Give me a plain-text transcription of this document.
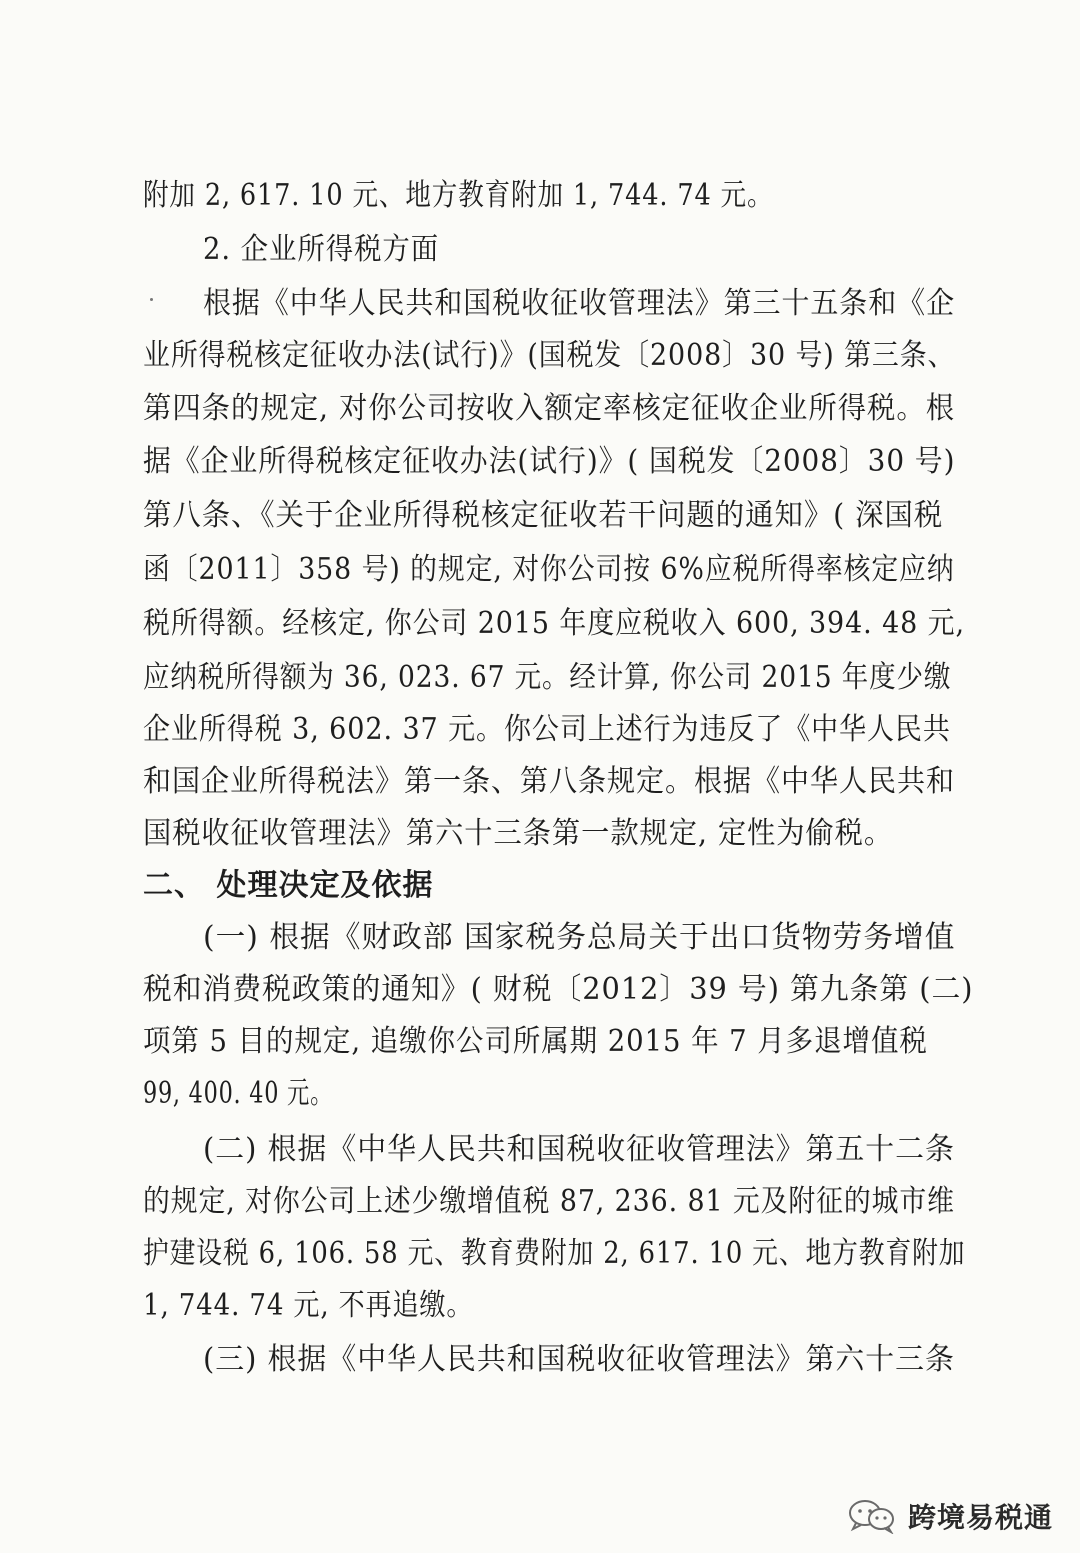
附加 2, 617. 10 元、地方教育附加 1, 744. 74 元。
2. 企业所得税方面
根据《中华人民共和国税收征收管理法》第三十五条和《企
业所得税核定征收办法(试行)》(国税发〔2008〕30 号) 第三条、
第四条的规定, 对你公司按收入额定率核定征收企业所得税。根
据《企业所得税核定征收办法(试行)》( 国税发〔2008〕30 号)
第八条、《关于企业所得税核定征收若干问题的通知》( 深国税
函〔2011〕358 号) 的规定, 对你公司按 6%应税所得率核定应纳
税所得额。经核定, 你公司 2015 年度应税收入 600, 394. 48 元,
应纳税所得额为 36, 023. 67 元。经计算, 你公司 2015 年度少缴
企业所得税 3, 602. 37 元。你公司上述行为违反了《中华人民共
和国企业所得税法》第一条、第八条规定。根据《中华人民共和
国税收征收管理法》第六十三条第一款规定, 定性为偷税。
二、 处理决定及依据
(一) 根据《财政部 国家税务总局关于出口货物劳务增值
税和消费税政策的通知》( 财税〔2012〕39 号) 第九条第 (二)
项第 5 目的规定, 追缴你公司所属期 2015 年 7 月多退增值税
99, 400. 40 元。
(二) 根据《中华人民共和国税收征收管理法》第五十二条
的规定, 对你公司上述少缴增值税 87, 236. 81 元及附征的城市维
护建设税 6, 106. 58 元、教育费附加 2, 617. 10 元、地方教育附加
1, 744. 74 元, 不再追缴。
(三) 根据《中华人民共和国税收征收管理法》第六十三条
跨境易税通
